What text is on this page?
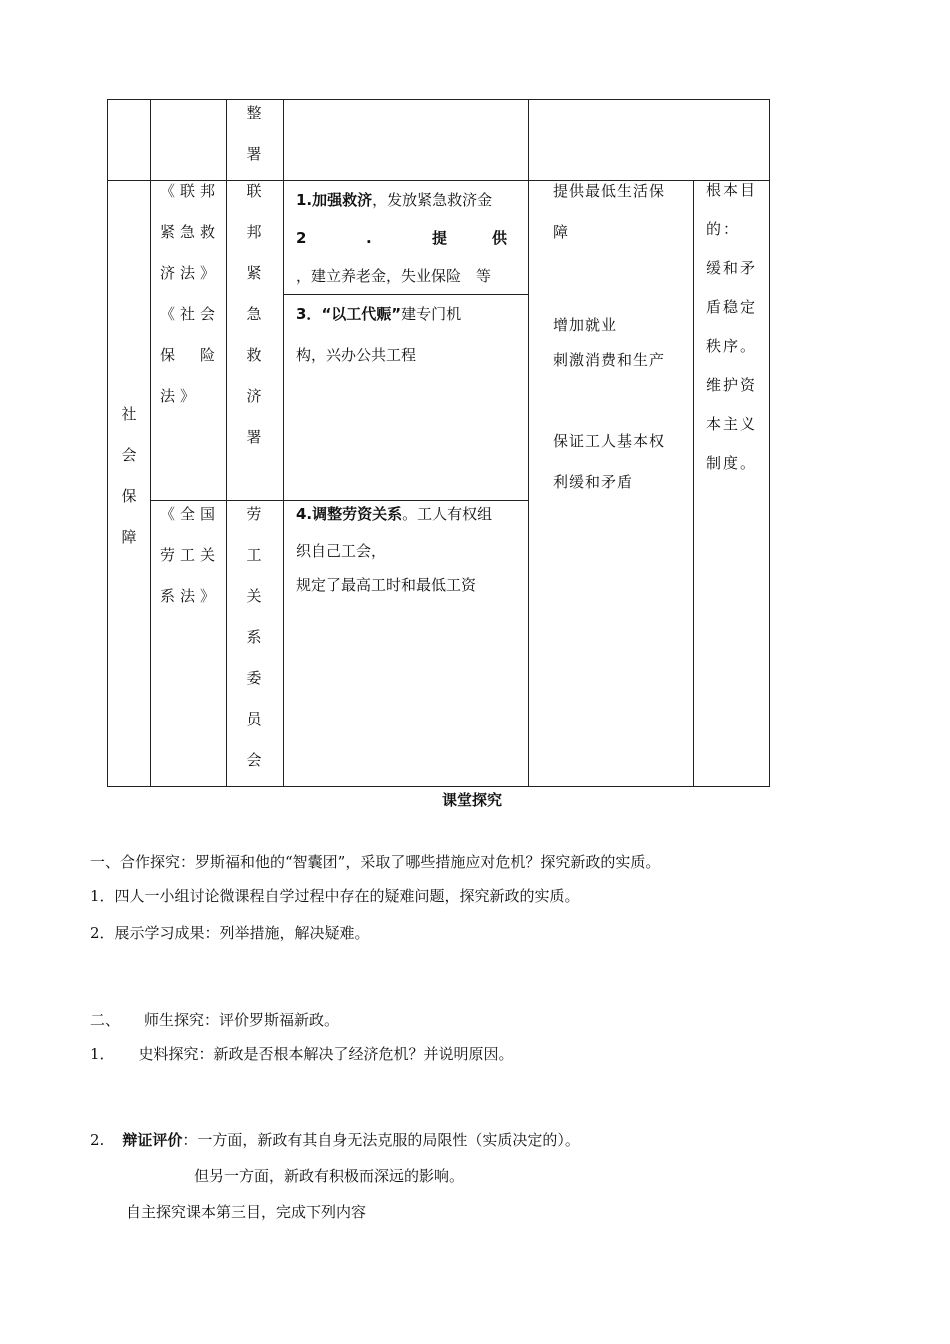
整
署
社
会
保
障
《联邦
紧急救
济法》
《社会
保　险
法》
联
邦
紧
急
救
济
署
1.加强救济，发放紧急救济金
2	.	提　　　供
，建立养老金，失业保险　等
3．“以工代赈”建专门机
构，兴办公共工程
《全国
劳工关
系法》
劳
工
关
系
委
员
会
4.调整劳资关系。工人有权组
织自己工会，
规定了最高工时和最低工资
提供最低生活保
障
增加就业
刺激消费和生产
保证工人基本权
利缓和矛盾
根本目
的：
缓和矛
盾稳定
秩序。
维护资
本主义
制度。
课堂探究
一、合作探究：罗斯福和他的“智囊团”，采取了哪些措施应对危机？探究新政的实质。
1．四人一小组讨论微课程自学过程中存在的疑难问题，探究新政的实质。
2．展示学习成果：列举措施，解决疑难。
二、 师生探究：评价罗斯福新政。
1． 史料探究：新政是否根本解决了经济危机？并说明原因。
2. 辩证评价：一方面，新政有其自身无法克服的局限性（实质决定的）。
但另一方面，新政有积极而深远的影响。
自主探究课本第三目，完成下列内容
